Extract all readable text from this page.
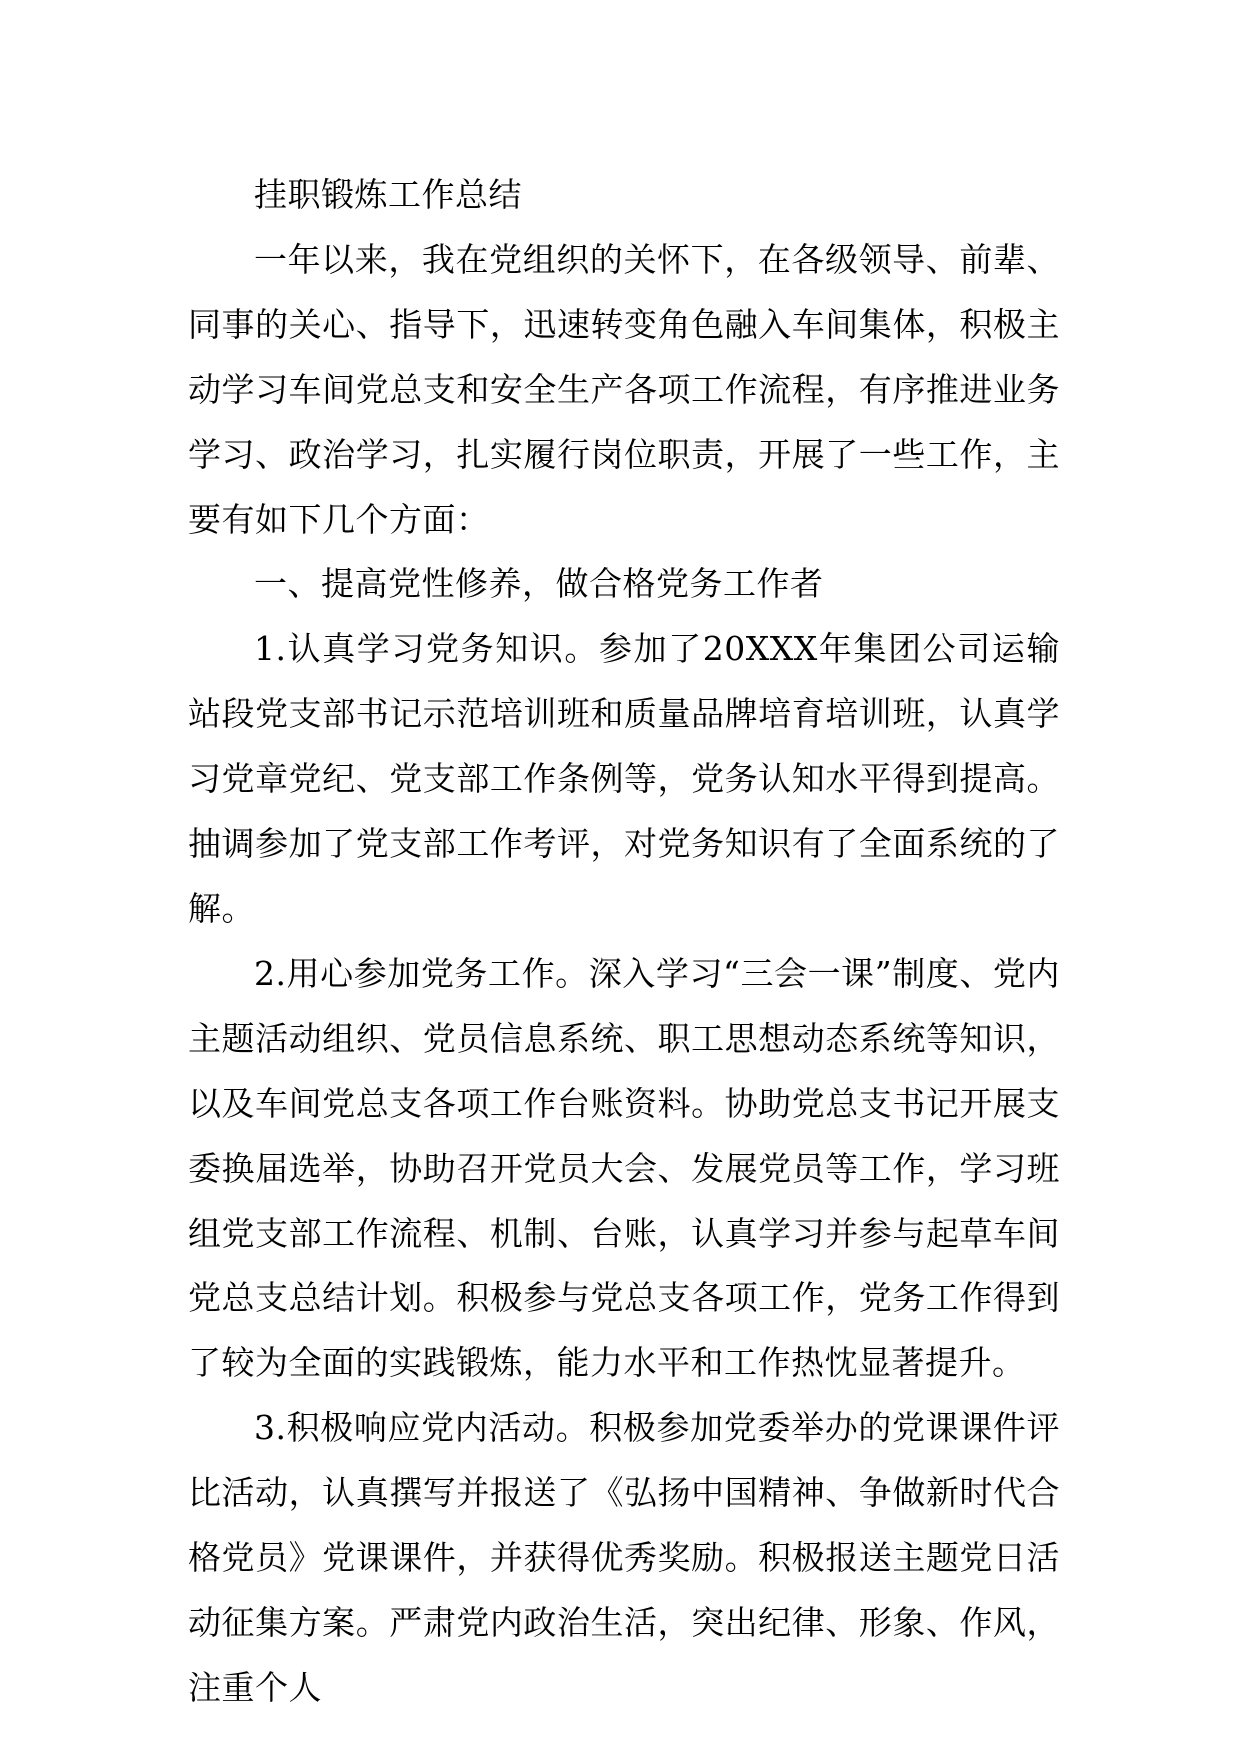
挂职锻炼工作总结

一年以来，我在党组织的关怀下，在各级领导、前辈、同事的关心、指导下，迅速转变角色融入车间集体，积极主动学习车间党总支和安全生产各项工作流程，有序推进业务学习、政治学习，扎实履行岗位职责，开展了一些工作，主要有如下几个方面：

一、提高党性修养，做合格党务工作者

1.认真学习党务知识。参加了20XXX年集团公司运输站段党支部书记示范培训班和质量品牌培育培训班，认真学习党章党纪、党支部工作条例等，党务认知水平得到提高。抽调参加了党支部工作考评，对党务知识有了全面系统的了解。

2.用心参加党务工作。深入学习“三会一课”制度、党内主题活动组织、党员信息系统、职工思想动态系统等知识，以及车间党总支各项工作台账资料。协助党总支书记开展支委换届选举，协助召开党员大会、发展党员等工作，学习班组党支部工作流程、机制、台账，认真学习并参与起草车间党总支总结计划。积极参与党总支各项工作，党务工作得到了较为全面的实践锻炼，能力水平和工作热忱显著提升。

3.积极响应党内活动。积极参加党委举办的党课课件评比活动，认真撰写并报送了《弘扬中国精神、争做新时代合格党员》党课课件，并获得优秀奖励。积极报送主题党日活动征集方案。严肃党内政治生活，突出纪律、形象、作风，注重个人
